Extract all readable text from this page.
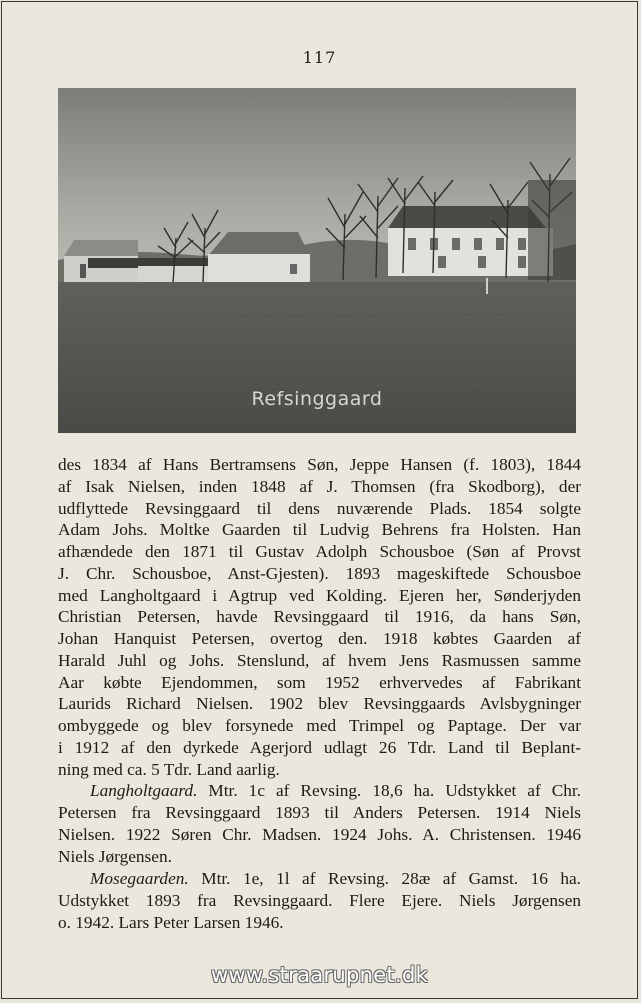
117
Refsinggaard
des 1834 af Hans Bertramsens Søn, Jeppe Hansen (f. 1803), 1844
af Isak Nielsen, inden 1848 af J. Thomsen (fra Skodborg), der
udflyttede Revsinggaard til dens nuværende Plads. 1854 solgte
Adam Johs. Moltke Gaarden til Ludvig Behrens fra Holsten. Han
afhændede den 1871 til Gustav Adolph Schousboe (Søn af Provst
J. Chr. Schousboe, Anst-Gjesten). 1893 mageskiftede Schousboe
med Langholtgaard i Agtrup ved Kolding. Ejeren her, Sønderjyden
Christian Petersen, havde Revsinggaard til 1916, da hans Søn,
Johan Hanquist Petersen, overtog den. 1918 købtes Gaarden af
Harald Juhl og Johs. Stenslund, af hvem Jens Rasmussen samme
Aar købte Ejendommen, som 1952 erhvervedes af Fabrikant
Laurids Richard Nielsen. 1902 blev Revsinggaards Avlsbygninger
ombyggede og blev forsynede med Trimpel og Paptage. Der var
i 1912 af den dyrkede Agerjord udlagt 26 Tdr. Land til Beplant-
ning med ca. 5 Tdr. Land aarlig.
Langholtgaard. Mtr. 1c af Revsing. 18,6 ha. Udstykket af Chr.
Petersen fra Revsinggaard 1893 til Anders Petersen. 1914 Niels
Nielsen. 1922 Søren Chr. Madsen. 1924 Johs. A. Christensen. 1946
Niels Jørgensen.
Mosegaarden. Mtr. 1e, 1l af Revsing. 28æ af Gamst. 16 ha.
Udstykket 1893 fra Revsinggaard. Flere Ejere. Niels Jørgensen
o. 1942. Lars Peter Larsen 1946.
www.straarupnet.dk
